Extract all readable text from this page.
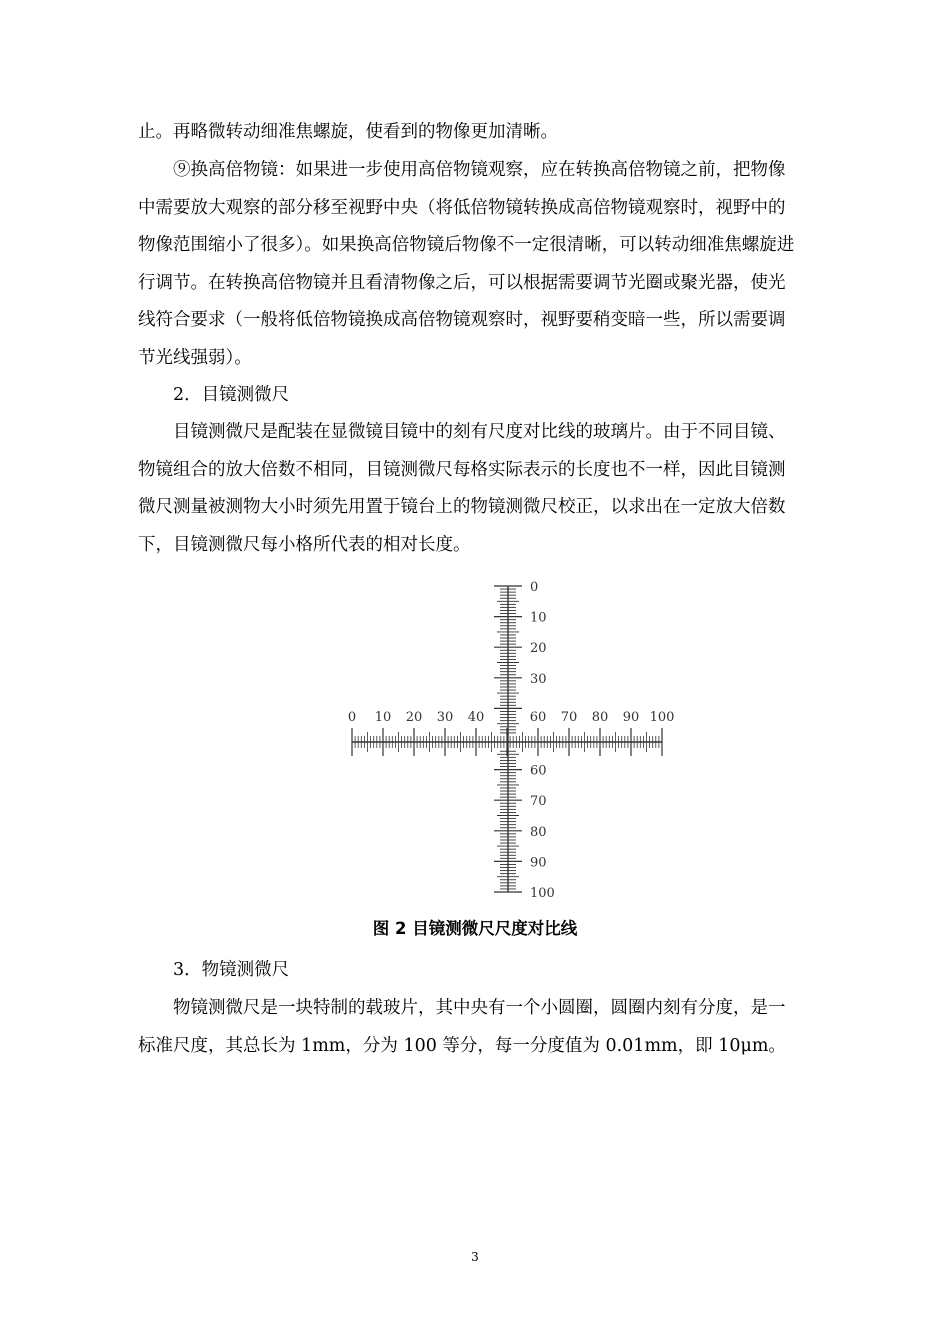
止。再略微转动细准焦螺旋，使看到的物像更加清晰。

⑨换高倍物镜：如果进一步使用高倍物镜观察，应在转换高倍物镜之前，把物像
中需要放大观察的部分移至视野中央（将低倍物镜转换成高倍物镜观察时，视野中的
物像范围缩小了很多）。如果换高倍物镜后物像不一定很清晰，可以转动细准焦螺旋进
行调节。在转换高倍物镜并且看清物像之后，可以根据需要调节光圈或聚光器，使光
线符合要求（一般将低倍物镜换成高倍物镜观察时，视野要稍变暗一些，所以需要调
节光线强弱）。

2．目镜测微尺

目镜测微尺是配装在显微镜目镜中的刻有尺度对比线的玻璃片。由于不同目镜、
物镜组合的放大倍数不相同，目镜测微尺每格实际表示的长度也不一样，因此目镜测
微尺测量被测物大小时须先用置于镜台上的物镜测微尺校正，以求出在一定放大倍数
下，目镜测微尺每小格所代表的相对长度。

0 10 20 30 40	60 70 80 90 100
0
10
20
30
60
70
80
90
100
图 2 目镜测微尺尺度对比线

3．物镜测微尺

物镜测微尺是一块特制的载玻片，其中央有一个小圆圈，圆圈内刻有分度，是一
标准尺度，其总长为 1mm，分为 100 等分，每一分度值为 0.01mm，即 10μm。

3
